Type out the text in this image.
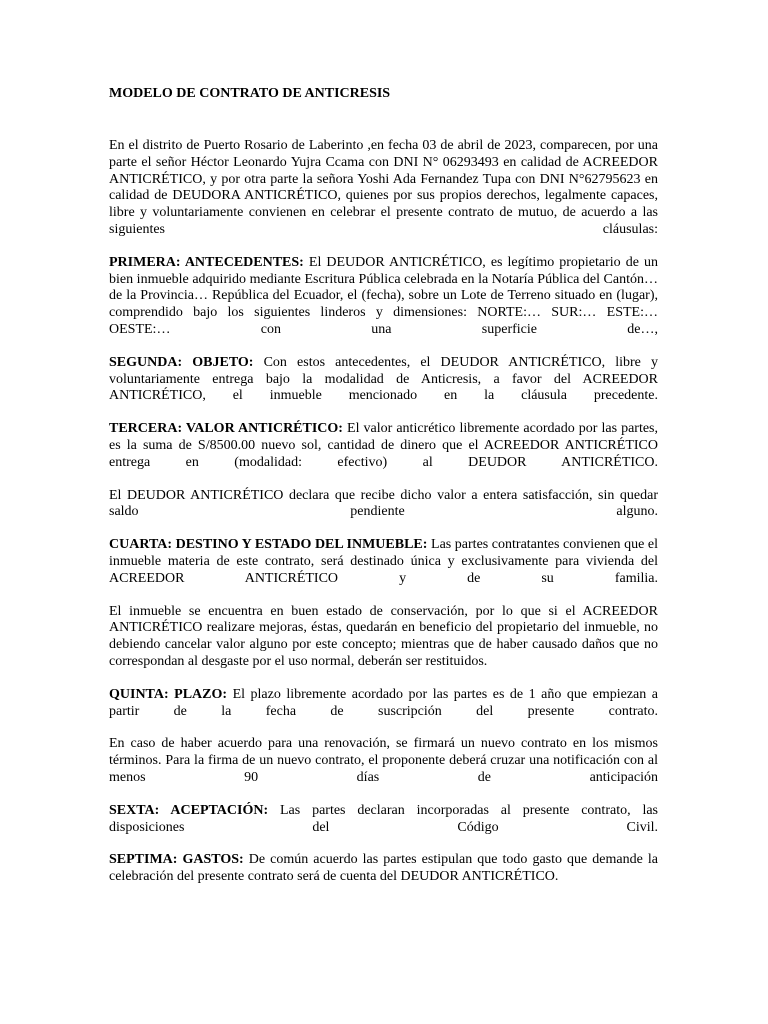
MODELO DE CONTRATO DE ANTICRESIS

En el distrito de Puerto Rosario de Laberinto ,en fecha 03 de abril de 2023, comparecen, por una parte el señor Héctor Leonardo Yujra Ccama con DNI N° 06293493 en calidad de ACREEDOR ANTICRÉTICO, y por otra parte la señora Yoshi Ada Fernandez Tupa con DNI N°62795623 en calidad de DEUDORA ANTICRÉTICO, quienes por sus propios derechos, legalmente capaces, libre y voluntariamente convienen en celebrar el presente contrato de mutuo, de acuerdo a las siguientes cláusulas:

PRIMERA: ANTECEDENTES: El DEUDOR ANTICRÉTICO, es legítimo propietario de un bien inmueble adquirido mediante Escritura Pública celebrada en la Notaría Pública del Cantón… de la Provincia… República del Ecuador, el (fecha), sobre un Lote de Terreno situado en (lugar), comprendido bajo los siguientes linderos y dimensiones: NORTE:… SUR:… ESTE:… OESTE:… con una superficie de…,

SEGUNDA: OBJETO: Con estos antecedentes, el DEUDOR ANTICRÉTICO, libre y voluntariamente entrega bajo la modalidad de Anticresis, a favor del ACREEDOR ANTICRÉTICO, el inmueble mencionado en la cláusula precedente.

TERCERA: VALOR ANTICRÉTICO: El valor anticrético libremente acordado por las partes, es la suma de S/8500.00 nuevo sol, cantidad de dinero que el ACREEDOR ANTICRÉTICO entrega en (modalidad: efectivo) al DEUDOR ANTICRÉTICO.

El DEUDOR ANTICRÉTICO declara que recibe dicho valor a entera satisfacción, sin quedar saldo pendiente alguno.

CUARTA: DESTINO Y ESTADO DEL INMUEBLE: Las partes contratantes convienen que el inmueble materia de este contrato, será destinado única y exclusivamente para vivienda del ACREEDOR ANTICRÉTICO y de su familia.

El inmueble se encuentra en buen estado de conservación, por lo que si el ACREEDOR ANTICRÉTICO realizare mejoras, éstas, quedarán en beneficio del propietario del inmueble, no debiendo cancelar valor alguno por este concepto; mientras que de haber causado daños que no correspondan al desgaste por el uso normal, deberán ser restituidos.

QUINTA: PLAZO: El plazo libremente acordado por las partes es de 1 año que empiezan a partir de la fecha de suscripción del presente contrato.

En caso de haber acuerdo para una renovación, se firmará un nuevo contrato en los mismos términos. Para la firma de un nuevo contrato, el proponente deberá cruzar una notificación con al menos 90 días de anticipación

SEXTA: ACEPTACIÓN: Las partes declaran incorporadas al presente contrato, las disposiciones del Código Civil.

SEPTIMA: GASTOS: De común acuerdo las partes estipulan que todo gasto que demande la celebración del presente contrato será de cuenta del DEUDOR ANTICRÉTICO.
